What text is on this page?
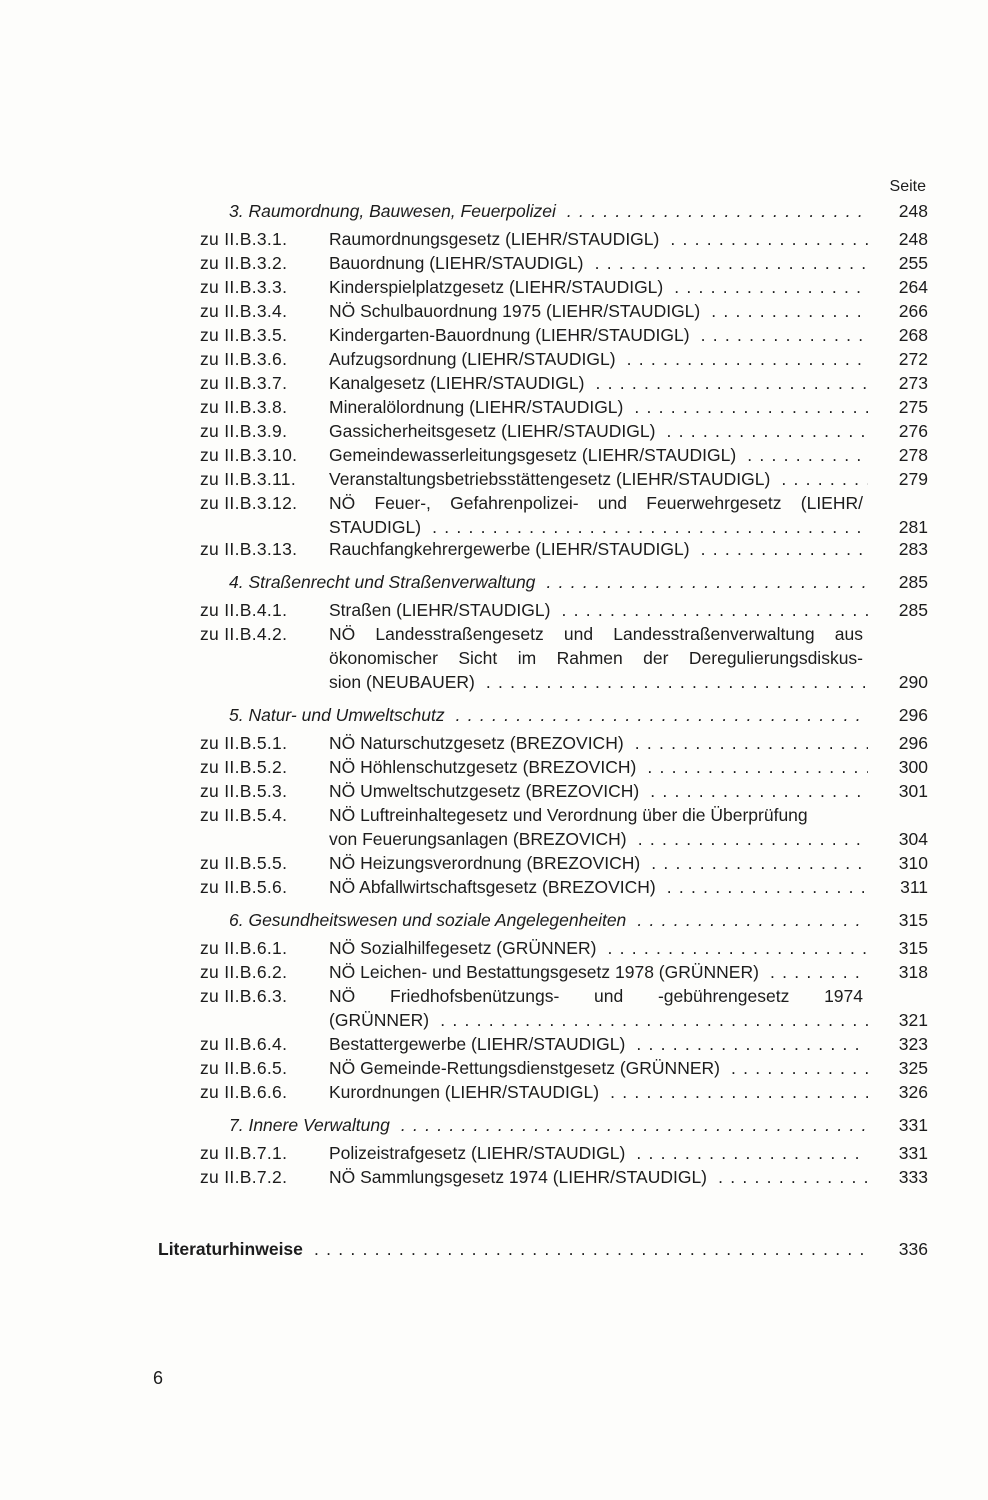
Seite
3. Raumordnung, Bauwesen, Feuerpolizei . . .	248
zu II.B.3.1. Raumordnungsgesetz (LIEHR/STAUDIGL) . . .	248
zu II.B.3.2. Bauordnung (LIEHR/STAUDIGL) . . .	255
zu II.B.3.3. Kinderspielplatzgesetz (LIEHR/STAUDIGL) . . .	264
zu II.B.3.4. NÖ Schulbauordnung 1975 (LIEHR/STAUDIGL) . . .	266
zu II.B.3.5. Kindergarten-Bauordnung (LIEHR/STAUDIGL) . . .	268
zu II.B.3.6. Aufzugsordnung (LIEHR/STAUDIGL) . . .	272
zu II.B.3.7. Kanalgesetz (LIEHR/STAUDIGL) . . .	273
zu II.B.3.8. Mineralölordnung (LIEHR/STAUDIGL) . . .	275
zu II.B.3.9. Gassicherheitsgesetz (LIEHR/STAUDIGL) . . .	276
zu II.B.3.10. Gemeindewasserleitungsgesetz (LIEHR/STAUDIGL) . . .	278
zu II.B.3.11. Veranstaltungsbetriebsstättengesetz (LIEHR/STAUDIGL) . . .	279
zu II.B.3.12. NÖ Feuer-, Gefahrenpolizei- und Feuerwehrgesetz (LIEHR/
STAUDIGL) . . .	281
zu II.B.3.13. Rauchfangkehrergewerbe (LIEHR/STAUDIGL) . . .	283
4. Straßenrecht und Straßenverwaltung . . .	285
zu II.B.4.1. Straßen (LIEHR/STAUDIGL) . . .	285
zu II.B.4.2. NÖ Landesstraßengesetz und Landesstraßenverwaltung aus
ökonomischer Sicht im Rahmen der Deregulierungsdiskus-
sion (NEUBAUER) . . .	290
5. Natur- und Umweltschutz . . .	296
zu II.B.5.1. NÖ Naturschutzgesetz (BREZOVICH) . . .	296
zu II.B.5.2. NÖ Höhlenschutzgesetz (BREZOVICH) . . .	300
zu II.B.5.3. NÖ Umweltschutzgesetz (BREZOVICH) . . .	301
zu II.B.5.4. NÖ Luftreinhaltegesetz und Verordnung über die Überprüfung
von Feuerungsanlagen (BREZOVICH) . . .	304
zu II.B.5.5. NÖ Heizungsverordnung (BREZOVICH) . . .	310
zu II.B.5.6. NÖ Abfallwirtschaftsgesetz (BREZOVICH) . . .	311
6. Gesundheitswesen und soziale Angelegenheiten . . .	315
zu II.B.6.1. NÖ Sozialhilfegesetz (GRÜNNER) . . .	315
zu II.B.6.2. NÖ Leichen- und Bestattungsgesetz 1978 (GRÜNNER) . . .	318
zu II.B.6.3. NÖ Friedhofsbenützungs- und -gebührengesetz 1974
(GRÜNNER) . . .	321
zu II.B.6.4. Bestattergewerbe (LIEHR/STAUDIGL) . . .	323
zu II.B.6.5. NÖ Gemeinde-Rettungsdienstgesetz (GRÜNNER) . . .	325
zu II.B.6.6. Kurordnungen (LIEHR/STAUDIGL) . . .	326
7. Innere Verwaltung . . .	331
zu II.B.7.1. Polizeistrafgesetz (LIEHR/STAUDIGL) . . .	331
zu II.B.7.2. NÖ Sammlungsgesetz 1974 (LIEHR/STAUDIGL) . . .	333
Literaturhinweise . . .	336
6
